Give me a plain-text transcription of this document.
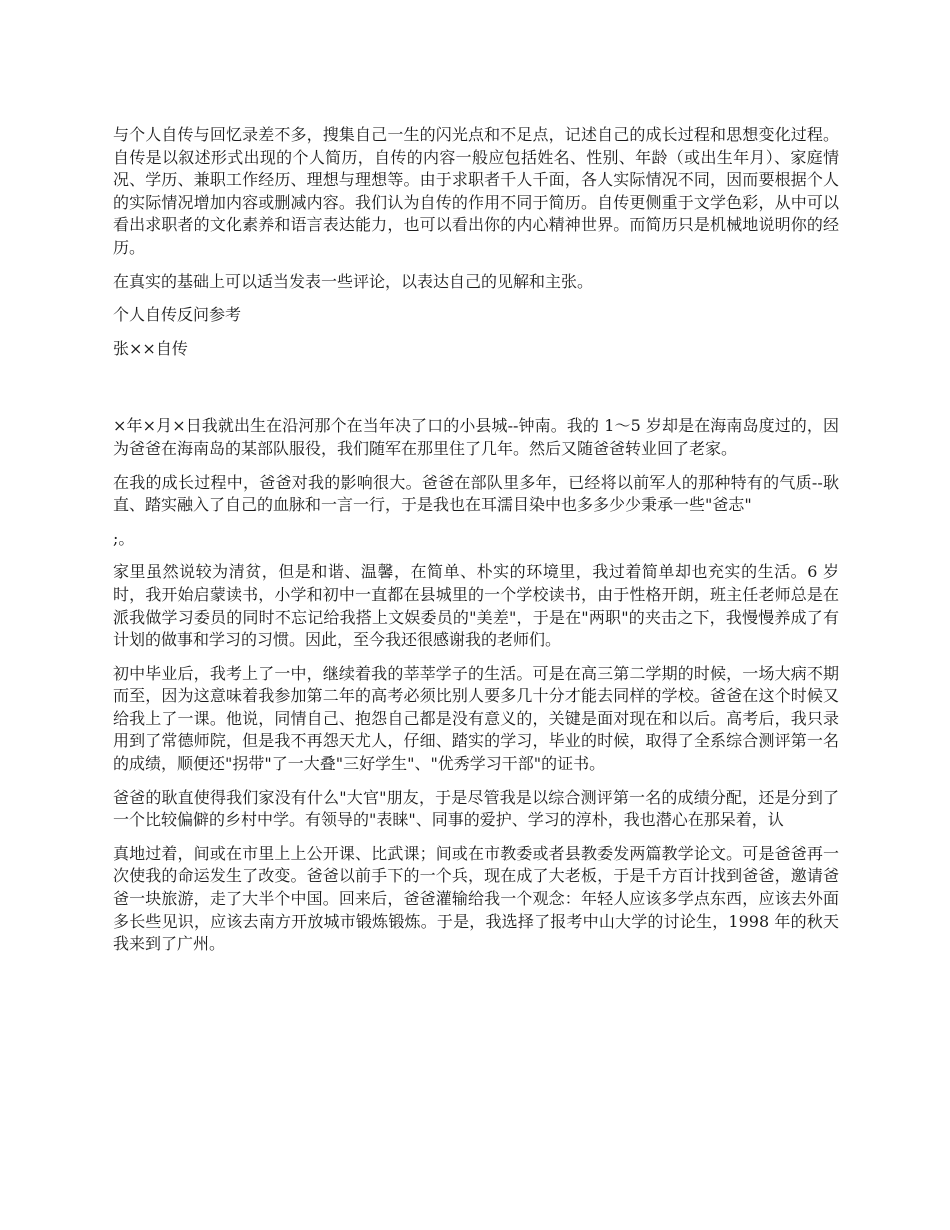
与个人自传与回忆录差不多，搜集自己一生的闪光点和不足点，记述自己的成长过程和思想变化过程。自传是以叙述形式出现的个人简历，自传的内容一般应包括姓名、性别、年龄（或出生年月）、家庭情况、学历、兼职工作经历、理想与理想等。由于求职者千人千面，各人实际情况不同，因而要根据个人的实际情况增加内容或删减内容。我们认为自传的作用不同于简历。自传更侧重于文学色彩，从中可以看出求职者的文化素养和语言表达能力，也可以看出你的内心精神世界。而简历只是机械地说明你的经历。

在真实的基础上可以适当发表一些评论，以表达自己的见解和主张。

个人自传反问参考

张××自传

×年×月×日我就出生在沿河那个在当年决了口的小县城--钟南。我的 1～5 岁却是在海南岛度过的，因为爸爸在海南岛的某部队服役，我们随军在那里住了几年。然后又随爸爸转业回了老家。

在我的成长过程中，爸爸对我的影响很大。爸爸在部队里多年，已经将以前军人的那种特有的气质--耿直、踏实融入了自己的血脉和一言一行，于是我也在耳濡目染中也多多少少秉承一些"爸志"

;。

家里虽然说较为清贫，但是和谐、温馨，在简单、朴实的环境里，我过着简单却也充实的生活。6 岁时，我开始启蒙读书，小学和初中一直都在县城里的一个学校读书，由于性格开朗，班主任老师总是在派我做学习委员的同时不忘记给我搭上文娱委员的"美差"，于是在"两职"的夹击之下，我慢慢养成了有计划的做事和学习的习惯。因此，至今我还很感谢我的老师们。

初中毕业后，我考上了一中，继续着我的莘莘学子的生活。可是在高三第二学期的时候，一场大病不期而至，因为这意味着我参加第二年的高考必须比别人要多几十分才能去同样的学校。爸爸在这个时候又给我上了一课。他说，同情自己、抱怨自己都是没有意义的，关键是面对现在和以后。高考后，我只录用到了常德师院，但是我不再怨天尤人，仔细、踏实的学习，毕业的时候，取得了全系综合测评第一名的成绩，顺便还"拐带"了一大叠"三好学生"、"优秀学习干部"的证书。

爸爸的耿直使得我们家没有什么"大官"朋友，于是尽管我是以综合测评第一名的成绩分配，还是分到了一个比较偏僻的乡村中学。有领导的"表睐"、同事的爱护、学习的淳朴，我也潜心在那呆着，认

真地过着，间或在市里上上公开课、比武课；间或在市教委或者县教委发两篇教学论文。可是爸爸再一次使我的命运发生了改变。爸爸以前手下的一个兵，现在成了大老板，于是千方百计找到爸爸，邀请爸爸一块旅游，走了大半个中国。回来后，爸爸灌输给我一个观念：年轻人应该多学点东西，应该去外面多长些见识，应该去南方开放城市锻炼锻炼。于是，我选择了报考中山大学的讨论生，1998 年的秋天我来到了广州。
